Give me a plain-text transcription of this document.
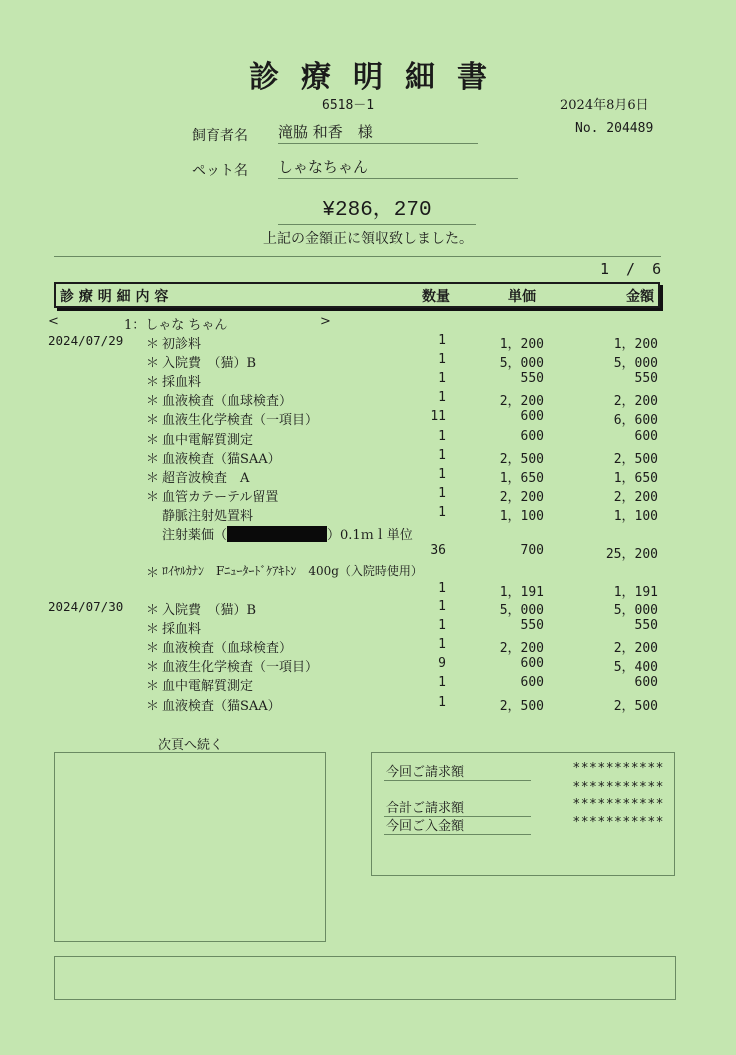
診療明細書
6518－1	2024年8月6日
No. 204489
飼育者名 滝脇 和香　様
ペット名 しゃなちゃん
¥286，270
上記の金額正に領収致しました。
1 / 6
診 療 明 細 内 容	数量	単価	金額
<	1：しゃな ちゃん	>
2024/07/29 ＊ 初診料	1	1，200	1，200
＊ 入院費　（猫）B	1	5，000	5，000
＊ 採血料	1	550	550
＊ 血液検査（血球検査）	1	2，200	2，200
＊ 血液生化学検査（一項目）	11	600	6，600
＊ 血中電解質測定	1	600	600
＊ 血液検査（猫SAA）	1	2，500	2，500
＊ 超音波検査　A	1	1，650	1，650
＊ 血管カテーテル留置	1	2，200	2，200
静脈注射処置料	1	1，100	1，100
注射薬価（	）0.1ｍｌ単位
36	700	25，200
＊ ﾛｲﾔﾙｶﾅﾝ　Fﾆｭｰﾀｰﾄﾞｹｱｷﾄﾝ　400g（入院時使用）
1	1，191	1，191
2024/07/30 ＊ 入院費　（猫）B	1	5，000	5，000
＊ 採血料	1	550	550
＊ 血液検査（血球検査）	1	2，200	2，200
＊ 血液生化学検査（一項目）	9	600	5，400
＊ 血中電解質測定	1	600	600
＊ 血液検査（猫SAA）	1	2，500	2，500
次頁へ続く
今回ご請求額	***********
***********
合計ご請求額	***********
今回ご入金額	***********
